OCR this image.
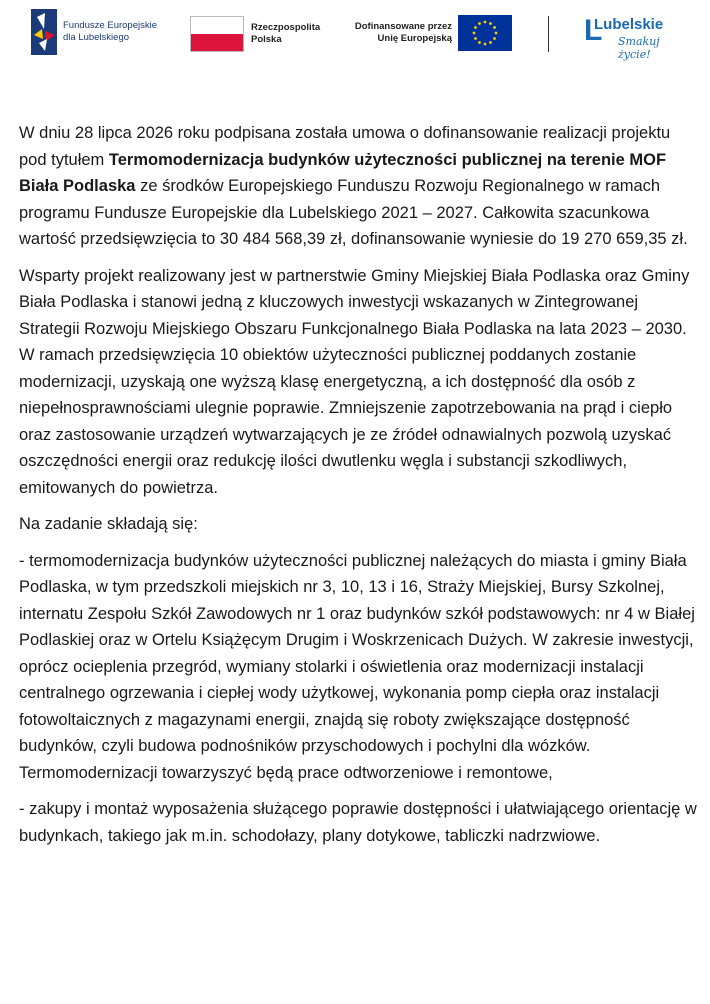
Fundusze Europejskie
dla Lubelskiego
Rzeczpospolita
Polska
Dofinansowane przez
Unię Europejską	L
Lubelskie
Smakuj życie!

W dniu 28 lipca 2026 roku podpisana została umowa o dofinansowanie realizacji projektu pod tytułem Termomodernizacja budynków użyteczności publicznej na terenie MOF Biała Podlaska ze środków Europejskiego Funduszu Rozwoju Regionalnego w ramach programu Fundusze Europejskie dla Lubelskiego 2021 – 2027. Całkowita szacunkowa wartość przedsięwzięcia to 30 484 568,39 zł, dofinansowanie wyniesie do 19 270 659,35 zł.

Wsparty projekt realizowany jest w partnerstwie Gminy Miejskiej Biała Podlaska oraz Gminy Biała Podlaska i stanowi jedną z kluczowych inwestycji wskazanych w Zintegrowanej Strategii Rozwoju Miejskiego Obszaru Funkcjonalnego Biała Podlaska na lata 2023 – 2030. W ramach przedsięwzięcia 10 obiektów użyteczności publicznej poddanych zostanie modernizacji, uzyskają one wyższą klasę energetyczną, a ich dostępność dla osób z niepełnosprawnościami ulegnie poprawie. Zmniejszenie zapotrzebowania na prąd i ciepło oraz zastosowanie urządzeń wytwarzających je ze źródeł odnawialnych pozwolą uzyskać oszczędności energii oraz redukcję ilości dwutlenku węgla i substancji szkodliwych, emitowanych do powietrza.

Na zadanie składają się:

- termomodernizacja budynków użyteczności publicznej należących do miasta i gminy Biała Podlaska, w tym przedszkoli miejskich nr 3, 10, 13 i 16, Straży Miejskiej, Bursy Szkolnej, internatu Zespołu Szkół Zawodowych nr 1 oraz budynków szkół podstawowych: nr 4 w Białej Podlaskiej oraz w Ortelu Książęcym Drugim i Woskrzenicach Dużych. W zakresie inwestycji, oprócz ocieplenia przegród, wymiany stolarki i oświetlenia oraz modernizacji instalacji centralnego ogrzewania i ciepłej wody użytkowej, wykonania pomp ciepła oraz instalacji fotowoltaicznych z magazynami energii, znajdą się roboty zwiększające dostępność budynków, czyli budowa podnośników przyschodowych i pochylni dla wózków. Termomodernizacji towarzyszyć będą prace odtworzeniowe i remontowe,

- zakupy i montaż wyposażenia służącego poprawie dostępności i ułatwiającego orientację w budynkach, takiego jak m.in. schodołazy, plany dotykowe, tabliczki nadrzwiowe.
